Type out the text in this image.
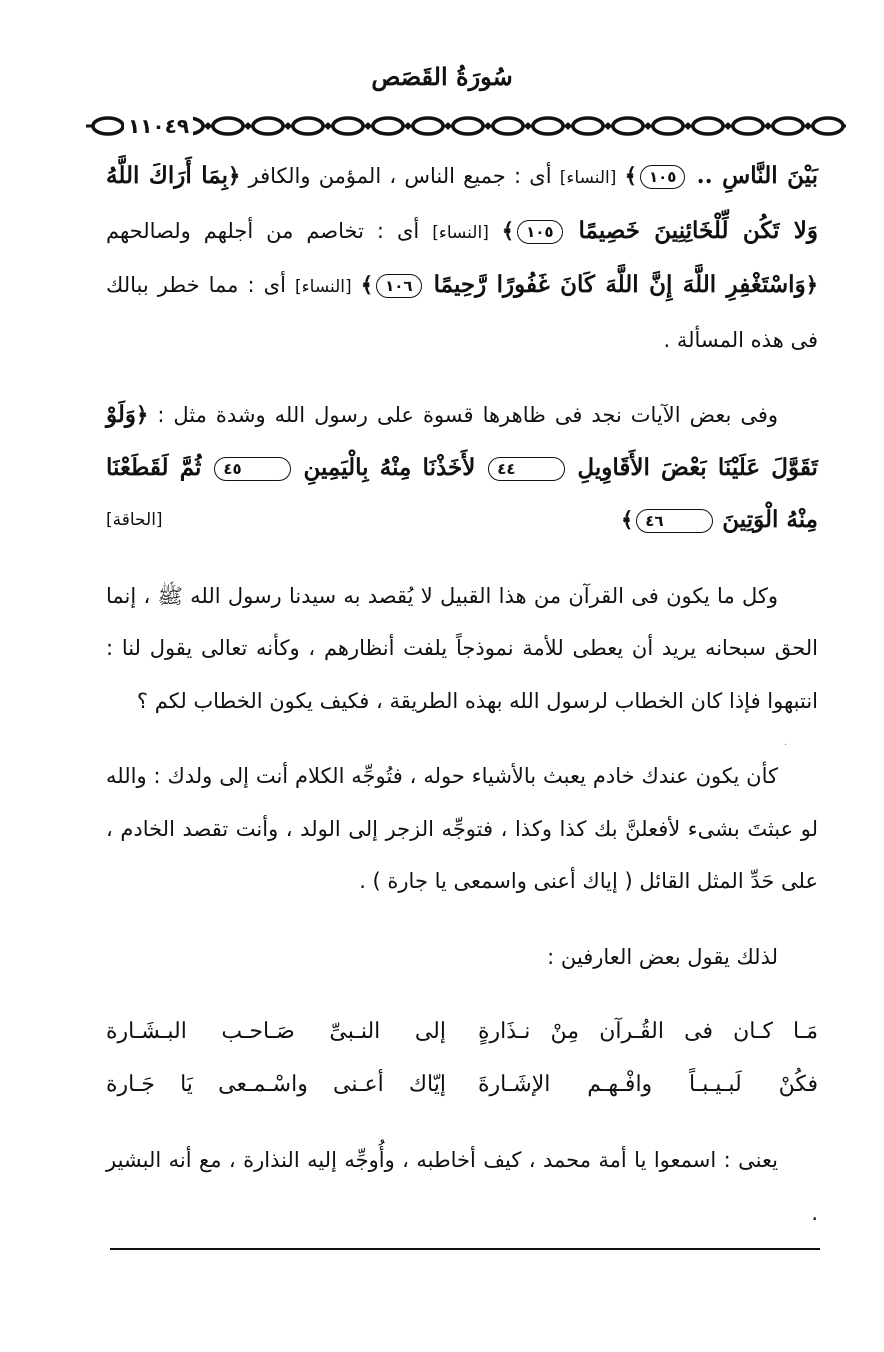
سُورَةُ القَصَص
١١٠٤٩

بَيْنَ النَّاسِ .. ١٠٥﴾ [النساء] أى : جميع الناس ، المؤمن والكافر ﴿بِمَا أَرَاكَ اللَّهُ وَلا تَكُن لِّلْخَائِنِينَ خَصِيمًا ١٠٥﴾ [النساء] أى : تخاصم من أجلهم ولصالحهم ﴿وَاسْتَغْفِرِ اللَّهَ إِنَّ اللَّهَ كَانَ غَفُورًا رَّحِيمًا ١٠٦﴾ [النساء] أى : مما خطر ببالك فى هذه المسألة .

وفى بعض الآيات نجد فى ظاهرها قسوة على رسول الله وشدة مثل : ﴿وَلَوْ تَقَوَّلَ عَلَيْنَا بَعْضَ الأَقَاوِيلِ ٤٤ لأَخَذْنَا مِنْهُ بِالْيَمِينِ ٤٥ ثُمَّ لَقَطَعْنَا مِنْهُ الْوَتِينَ ٤٦﴾
[الحاقة]

وكل ما يكون فى القرآن من هذا القبيل لا يُقصد به سيدنا رسول الله ﷺ ، إنما الحق سبحانه يريد أن يعطى للأمة نموذجاً يلفت أنظارهم ، وكأنه تعالى يقول لنا : انتبهوا فإذا كان الخطاب لرسول الله بهذه الطريقة ، فكيف يكون الخطاب لكم ؟

كأن يكون عندك خادم يعبث بالأشياء حوله ، فتُوجِّه الكلام أنت إلى ولدك : والله لو عبثتَ بشىء لأفعلنَّ بك كذا وكذا ، فتوجِّه الزجر إلى الولد ، وأنت تقصد الخادم ، على حَدِّ المثل القائل ( إياك أعنى واسمعى يا جارة ) .

لذلك يقول بعض العارفين :

مَـا كـان فى القُـرآن مِنْ نـذَارةٍ
إلى النـبىِّ صَـاحـب البـشَـارة
فكُنْ لَبـيـبـاً وافْـهـم الإشَـارةَ
إيّاك أعـنى واسْـمـعى يَا جَـارة

يعنى : اسمعوا يا أمة محمد ، كيف أخاطبه ، وأُوجِّه إليه النذارة ، مع أنه البشير .

·
